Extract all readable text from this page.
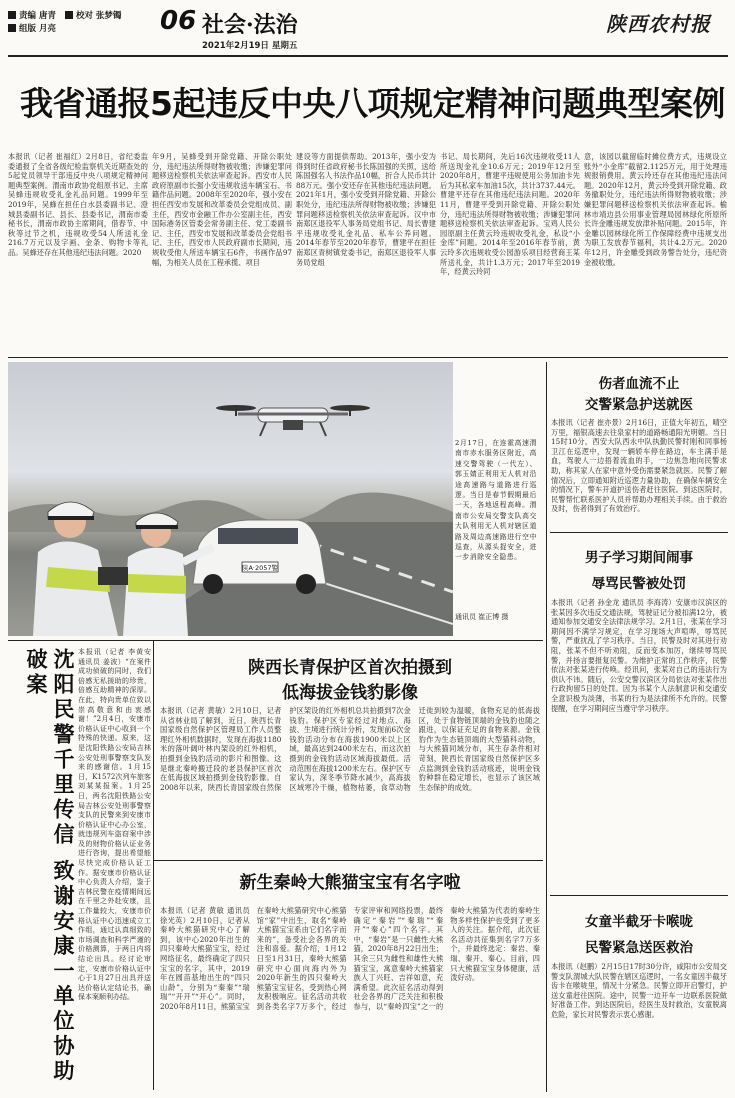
责编 唐青 校对 张梦镯
组版 月亮	06 社会·法治
2021年2月19日 星期五
陕西农村报
我省通报5起违反中央八项规定精神问题典型案例
本报讯（记者 崔福红）2月8日，省纪委监委通报了全省各级纪检监察机关近期查处的5起党员领导干部违反中央八项规定精神问题典型案例。渭南市政协党组原书记、主席吴蜂违规收受礼金礼品问题。1999年至2019年，吴蜂在担任白水县委副书记、澄城县委副书记、县长、县委书记，渭南市委秘书长，渭南市政协主席期间，借春节、中秋等过节之机，违规收受54人所送礼金216.7万元以及字画、金条、购物卡等礼品。吴蜂还存在其他违纪违法问题。2020
年9月，吴蜂受到开除党籍、开除公职处分，违纪违法所得财物被收缴；涉嫌犯罪问题移送检察机关依法审查起诉。西安市人民政府原副市长强小安违规收送车辆宝石、书籍作品问题。2008年至2020年，强小安在担任西安市发展和改革委员会党组成员、副主任，西安市金融工作办公室副主任，西安国际港务区管委会常务副主任、党工委副书记、主任，西安市发展和改革委员会党组书记、主任，西安市人民政府副市长期间，违规收受他人所送车辆宝石6件，书画作品97幅，为相关人员在工程承揽、项目
建设等方面提供帮助。2013年，强小安为得到时任省政府秘书长陈国强的关照，送给陈国强名人书法作品10幅，折合人民币共计88万元。强小安还存在其他违纪违法问题。2021年1月，强小安受到开除党籍、开除公职处分，违纪违法所得财物被收缴；涉嫌犯罪问题移送检察机关依法审查起诉。汉中市南郑区退役军人事务局党组书记、局长曹建平违规收受礼金礼品、私车公养问题。2014年春节至2020年春节，曹建平在担任南郑区青树镇党委书记，南郑区退役军人事务局党组
书记、局长期间，先后16次违规收受11人所送现金礼金10.6万元；2019年12月至2020年8月，曹建平违规使用公务加油卡先后为其私家车加油15次，共计3737.44元。曹建平还存在其他违纪违法问题。2020年11月，曹建平受到开除党籍、开除公职处分，违纪违法所得财物被收缴；涉嫌犯罪问题移送检察机关依法审查起诉。宝鸡人民公园原副主任黄云玲违规收受礼金，私设“小金库”问题。2014年至2016年春节前，黄云玲多次违规收受公园游乐项目经营商王某所送礼金，共计1.3万元；2017年至2019年，经黄云玲同
意，该园以截留临时摊位费方式，违规设立账外“小金库”截留2.1125万元，用于处理违规报销费用。黄云玲还存在其他违纪违法问题。2020年12月，黄云玲受到开除党籍、政务撤职处分，违纪违法所得财物被收缴；涉嫌犯罪问题移送检察机关依法审查起诉。榆林市靖边县公用事业管理局园林绿化所原所长许金雕违规发放津补贴问题。2015年，许金雕以园林绿化所工作保障经费中违规支出为职工发放春节福利，共计4.2万元。2020年12月，许金雕受到政务警告处分，违纪资金被收缴。
陕A·2057警
2月17日，在连霍高速渭南市赤水服务区附近，高速交警驾驶（一代左）、郭玉婧正利用无人机对沿途高速路与道路进行巡逻。当日是春节假期最后一天，各地返程高峰。渭南市公安局交警支队高交大队利用无人机对辖区道路及周边高速路进行空中巡查，从源头捉安全，进一步消除安全隐患。
通讯员 崔正博 摄
沈阳民警千里传信 致谢安康一单位协助破案	本报讯（记者 李黄安 通讯员 姜波）“在案件成功侦破的同时，我们倍感无私援助的珍贵，倍感互助精神的深厚。在此，特向贵单位致以崇高敬意和由衷感谢！”2月4日，安康市价格认证中心收到一个特殊的快递。原来，这是沈阳铁路公安局吉林公安处刑事警察支队发来的感谢信。1月15日，K1572次列车旅客刘某某报案。1月25日，两名沈阳铁路公安局吉林公安处刑事警察支队的民警来到安康市价格认证中心办公室，就违规列车盗窃案中涉及的财物价格认证业务进行咨询，提出希望能尽快完成价格认证工作。据安康市价格认证中心负责人介绍，鉴于吉林民警在疫情期间远在千里之外赴安康，且工作量较大，安康市价格认证中心迅速成立工作组，通过认真细致的市场调查和科学严谨的价格测算，于两日内将结论出具。经讨论审定，安康市价格认证中心于1月27日出具并送达价格认定结论书，确保本案顺利办结。
陕西长青保护区首次拍摄到
低海拔金钱豹影像
本报讯（记者 黄敏）2月10日，记者从省林业局了解到，近日，陕西长青国家级自然保护区管理局工作人员整理红外相机数据时，发现在海拔1180米的落叶阔叶林内架设的红外相机，拍摄到金钱豹活动的影片和图像。这是继北秦岭搬迁段的老县保护区首次在低海拔区域拍摄到金钱豹影像。自2008年以来，陕西长青国家级自然保护区架设的红外相机总共拍摄到7次金钱豹。保护区专家经过对地点、海拔、生境进行统计分析，发现前6次金钱豹活动分布在海拔1900米以上区域，最高达到2400米左右，而这次拍摄到的金钱豹活动区域海拔最低。活动范围在海拔1200米左右。保护区专家认为，深冬季节降水减少，高海拔区域寒冷干燥，植物枯萎，食草动物迁徙到较为温暖，食物充足的低海拔区，处于食物链顶端的金钱豹也随之跟进，以保证充足的食物来源。金钱豹作为生态链顶端的大型猫科动物，与大熊猫同域分布，其生存条件相对苛刻，陕西长青国家级自然保护区多点监测到金钱豹活动痕迹，说明金钱豹种群在稳定增长，也显示了该区域生态保护的成效。
新生秦岭大熊猫宝宝有名字啦
本报讯（记者 黄敏 通讯员 徐光英）2月10日，记者从秦岭大熊猫研究中心了解到，该中心2020年出生的四只秦岭大熊猫宝宝，经过网络征名，最终确定了四只宝宝的名字，其中，2019年在圆苗基地出生的“四只山龄”，分别为“秦秦”“瑞瑞”“开开”“开心”。同时，2020年8月11日，熊猫宝宝在秦岭大熊猫研究中心熊猫馆“家”中出生，取名“秦岭大熊猫宝宝系由它们名字而来的”，备受社会各界的关注和喜爱。据介绍，1月12日至1月31日，秦岭大熊猫研究中心面向海内外为2020年新生的四只秦岭大熊猫宝宝征名，受到热心网友积极响应。征名活动共收到各类名字7万多个，经过专家评审和网络投票，最终确定“秦岩”“秦瑞”“秦开”“秦心”四个名字。其中，“秦岩”是一只雌性大熊猫，2020年8月22日出生；其余三只为雌性和雄性大熊猫宝宝，寓意秦岭大熊猫家族人丁兴旺、吉祥如意，充满希望。此次征名活动得到社会各界的广泛关注和积极参与，以“秦岭四宝”之一的秦岭大熊猫为代表的秦岭生物多样性保护也受到了更多人的关注。据介绍，此次征名活动共征集到名字7万多个，并最终选定：秦岩、秦瑞、秦开、秦心。目前，四只大熊猫宝宝身体健康，活泼好动。
伤者血流不止
交警紧急护送就医
本报讯（记者 崔亦景）2月16日，正值大年初五，晴空万里，福银高速去往泉家村的道路畅通阳光明媚。当日15时10分，西安大队西永中队执勤民警时刚和同事杨卫江在巡逻中，发现一辆轿车停在路边，车主满手是血，驾驶人一边捂着流血的手，一边焦急地向民警求助，称其家人在家中意外受伤需要紧急就医。民警了解情况后，立即通知附近巡逻力量协助，在确保车辆安全的情况下，警车开道护送伤者赶往医院。到达医院时，民警帮忙联系医护人员并帮助办理相关手续。由于救治及时，伤者得到了有效治疗。
男子学习期间闹事
辱骂民警被处罚
本报讯（记者 孙金龙 通讯员 李海涛）安康市汉滨区的张某因多次违反交通法规，驾驶证记分被扣满12分，被通知参加交通安全法律法规学习。2月1日，张某在学习期间因不满学习规定，在学习现场大声喧哗，辱骂民警，严重扰乱了学习秩序。当日，民警及时对其进行劝阻，张某不但不听劝阻，反而变本加厉，继续辱骂民警，并扬言要报复民警。为维护正常的工作秩序，民警依法对张某进行传唤。经讯问，张某对自己的违法行为供认不讳。随后，公安交警汉滨区分局依法对张某作出行政拘留5日的处罚。因为书某个人法制意识和交通安全意识极为淡薄，书某的行为是法律所不允许的。民警提醒，在学习期间应当遵守学习秩序。
女童半截牙卡喉咙
民警紧急送医救治
本报讯（赵鹏）2月15日17时30分许，咸阳市公安局交警支队渭城大队民警在辖区巡逻时，一名女童因半截牙齿卡在喉咙里，情况十分紧急。民警立即开启警灯，护送女童赶往医院。途中，民警一边开车一边联系医院做好准备工作。到达医院后，经医生及时救治，女童脱离危险，家长对民警表示衷心感谢。
